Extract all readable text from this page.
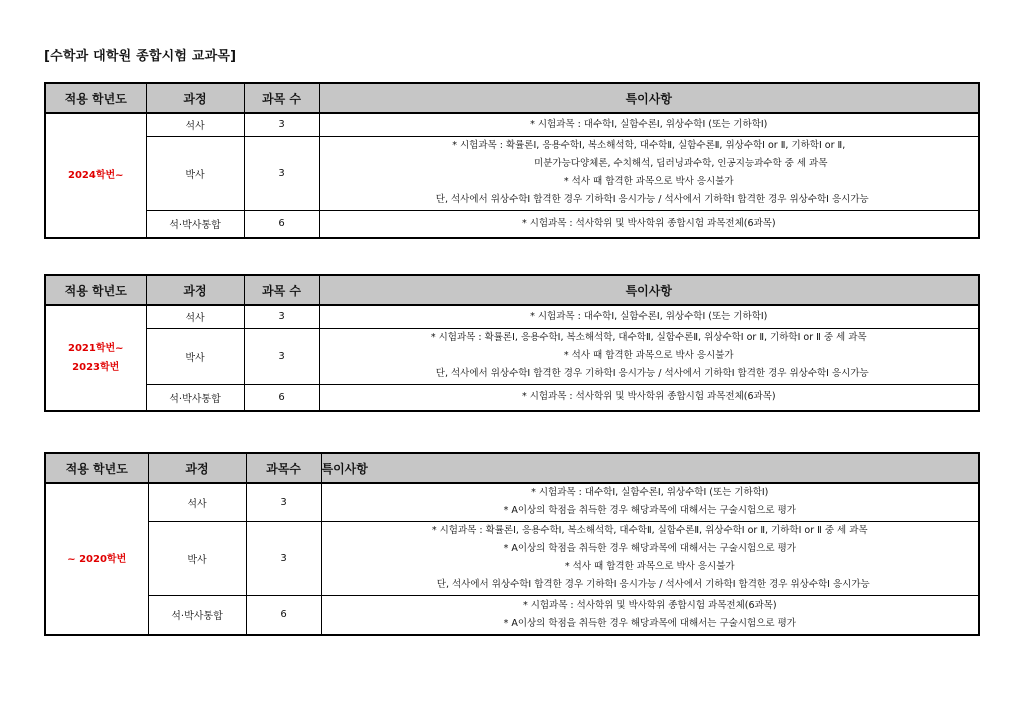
[수학과 대학원 종합시험 교과목]
적용 학년도	과정	과목 수	특이사항

2024학번~	석사	3	* 시험과목 : 대수학Ⅰ, 실함수론Ⅰ, 위상수학Ⅰ (또는 기하학Ⅰ)

	박사	3	* 시험과목 : 확률론Ⅰ, 응용수학Ⅰ, 복소해석학, 대수학Ⅱ, 실함수론Ⅱ, 위상수학Ⅰ or Ⅱ, 기하학Ⅰ or Ⅱ,
미분가능다양체론, 수치해석, 딥러닝과수학, 인공지능과수학 중 세 과목
* 석사 때 합격한 과목으로 박사 응시불가
단, 석사에서 위상수학Ⅰ 합격한 경우 기하학Ⅰ 응시가능 / 석사에서 기하학Ⅰ 합격한 경우 위상수학Ⅰ 응시가능

	석·박사통합	6	* 시험과목 : 석사학위 및 박사학위 종합시험 과목전체(6과목)
적용 학년도	과정	과목 수	특이사항

2021학번~
2023학번	석사	3	* 시험과목 : 대수학Ⅰ, 실함수론Ⅰ, 위상수학Ⅰ (또는 기하학Ⅰ)

	박사	3	* 시험과목 : 확률론Ⅰ, 응용수학Ⅰ, 복소해석학, 대수학Ⅱ, 실함수론Ⅱ, 위상수학Ⅰ or Ⅱ, 기하학Ⅰ or Ⅱ 중 세 과목
* 석사 때 합격한 과목으로 박사 응시불가
단, 석사에서 위상수학Ⅰ 합격한 경우 기하학Ⅰ 응시가능 / 석사에서 기하학Ⅰ 합격한 경우 위상수학Ⅰ 응시가능

	석·박사통합	6	* 시험과목 : 석사학위 및 박사학위 종합시험 과목전체(6과목)
적용 학년도	과정	과목수	특이사항

~ 2020학번	석사	3	* 시험과목 : 대수학Ⅰ, 실함수론Ⅰ, 위상수학Ⅰ (또는 기하학Ⅰ)
* A이상의 학점을 취득한 경우 해당과목에 대해서는 구술시험으로 평가

	박사	3	* 시험과목 : 확률론Ⅰ, 응용수학Ⅰ, 복소해석학, 대수학Ⅱ, 실함수론Ⅱ, 위상수학Ⅰ or Ⅱ, 기하학Ⅰ or Ⅱ 중 세 과목
* A이상의 학점을 취득한 경우 해당과목에 대해서는 구술시험으로 평가
* 석사 때 합격한 과목으로 박사 응시불가
단, 석사에서 위상수학Ⅰ 합격한 경우 기하학Ⅰ 응시가능 / 석사에서 기하학Ⅰ 합격한 경우 위상수학Ⅰ 응시가능

	석·박사통합	6	* 시험과목 : 석사학위 및 박사학위 종합시험 과목전체(6과목)
* A이상의 학점을 취득한 경우 해당과목에 대해서는 구술시험으로 평가
